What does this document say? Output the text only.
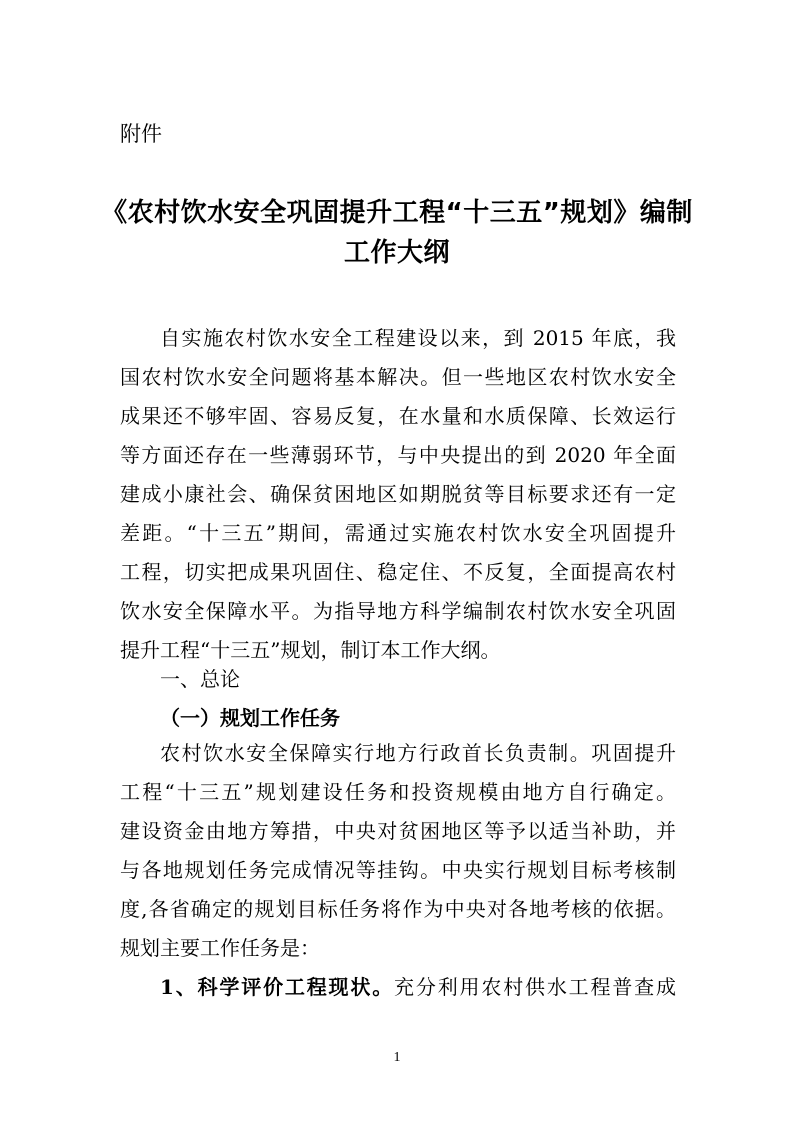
附件
《农村饮水安全巩固提升工程“十三五”规划》编制
工作大纲
自实施农村饮水安全工程建设以来，到 2015 年底，我
国农村饮水安全问题将基本解决。但一些地区农村饮水安全
成果还不够牢固、容易反复，在水量和水质保障、长效运行
等方面还存在一些薄弱环节，与中央提出的到 2020 年全面
建成小康社会、确保贫困地区如期脱贫等目标要求还有一定
差距。“十三五”期间，需通过实施农村饮水安全巩固提升
工程，切实把成果巩固住、稳定住、不反复，全面提高农村
饮水安全保障水平。为指导地方科学编制农村饮水安全巩固
提升工程“十三五”规划，制订本工作大纲。
一、总论
（一）规划工作任务
农村饮水安全保障实行地方行政首长负责制。巩固提升
工程“十三五”规划建设任务和投资规模由地方自行确定。
建设资金由地方筹措，中央对贫困地区等予以适当补助，并
与各地规划任务完成情况等挂钩。中央实行规划目标考核制
度,各省确定的规划目标任务将作为中央对各地考核的依据。
规划主要工作任务是：
1、科学评价工程现状。充分利用农村供水工程普查成
1
